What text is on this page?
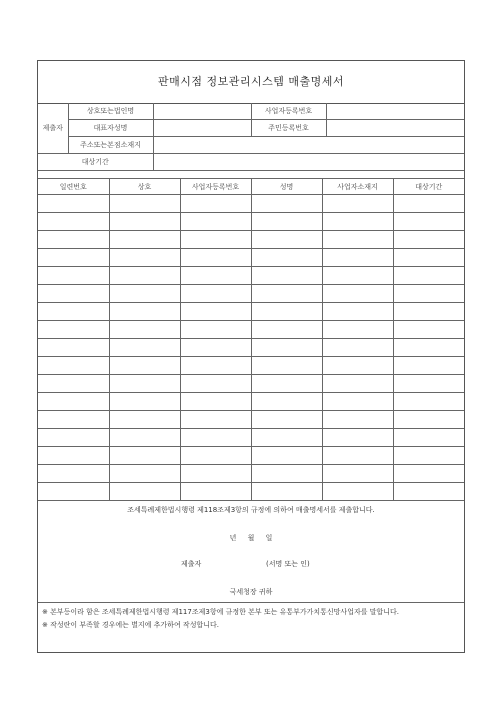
판매시점 정보관리시스템 매출명세서
제출자	상호또는법인명		사업자등록번호	
	대표자성명		주민등록번호	
	주소또는본점소재지			
대상기간				
일련번호	상호	사업자등록번호	성명	사업자소재지	대상기간

조세특례제한법시행령 제118조제3항의 규정에 의하여 매출명세서를 제출합니다.
년 월 일
제출자	(서명 또는 인)
국세청장 귀하
※ 본부등이라 함은 조세특례제한법시행령 제117조제3항에 규정한 본부 또는 유통부가가치통신망사업자를 말합니다.
※ 작성란이 부족할 경우에는 별지에 추가하여 작성합니다.
